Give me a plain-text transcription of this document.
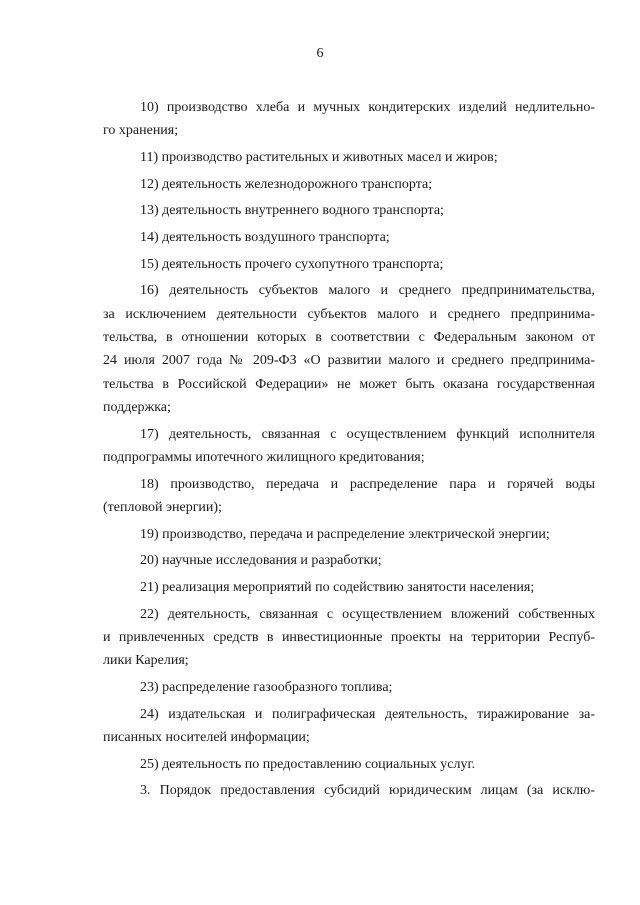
6

10) производство хлеба и мучных кондитерских изделий недлительно-
го хранения;

11) производство растительных и животных масел и жиров;

12) деятельность железнодорожного транспорта;

13) деятельность внутреннего водного транспорта;

14) деятельность воздушного транспорта;

15) деятельность прочего сухопутного транспорта;

16) деятельность субъектов малого и среднего предпринимательства,
за исключением деятельности субъектов малого и среднего предпринима-
тельства, в отношении которых в соответствии с Федеральным законом от
24 июля 2007 года № 209-ФЗ «О развитии малого и среднего предпринима-
тельства в Российской Федерации» не может быть оказана государственная
поддержка;

17) деятельность, связанная с осуществлением функций исполнителя
подпрограммы ипотечного жилищного кредитования;

18) производство, передача и распределение пара и горячей воды
(тепловой энергии);

19) производство, передача и распределение электрической энергии;

20) научные исследования и разработки;

21) реализация мероприятий по содействию занятости населения;

22) деятельность, связанная с осуществлением вложений собственных
и привлеченных средств в инвестиционные проекты на территории Респуб-
лики Карелия;

23) распределение газообразного топлива;

24) издательская и полиграфическая деятельность, тиражирование за-
писанных носителей информации;

25) деятельность по предоставлению социальных услуг.

3. Порядок предоставления субсидий юридическим лицам (за исклю-
